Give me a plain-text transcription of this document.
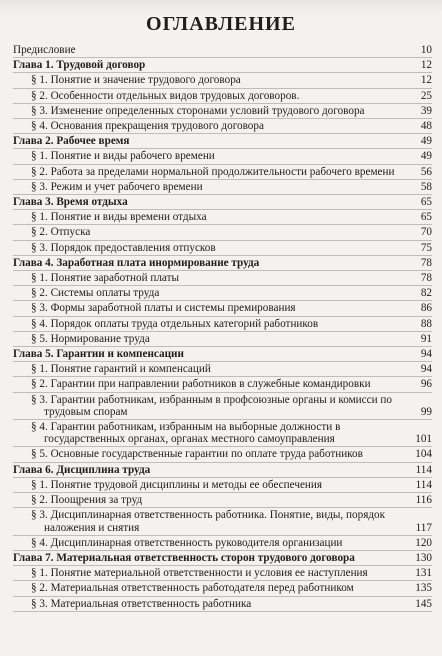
ОГЛАВЛЕНИЕ
Предисловие	10
Глава 1. Трудовой договор	12
§ 1. Понятие и значение трудового договора	12
§ 2. Особенности отдельных видов трудовых договоров.	25
§ 3. Изменение определенных сторонами условий трудового договора	39
§ 4. Основания прекращения трудового договора	48
Глава 2. Рабочее время	49
§ 1. Понятие и виды рабочего времени	49
§ 2. Работа за пределами нормальной продолжительности рабочего времени	56
§ 3. Режим и учет рабочего времени	58
Глава 3. Время отдыха	65
§ 1. Понятие и виды времени отдыха	65
§ 2. Отпуска	70
§ 3. Порядок предоставления отпусков	75
Глава 4. Заработная плата инормирование труда	78
§ 1. Понятие заработной платы	78
§ 2. Системы оплаты труда	82
§ 3. Формы заработной платы и системы премирования	86
§ 4. Порядок оплаты труда отдельных категорий работников	88
§ 5. Нормирование труда	91
Глава 5. Гарантии и компенсации	94
§ 1. Понятие гарантий и компенсаций	94
§ 2. Гарантии при направлении работников в служебные командировки	96
§ 3. Гарантии работникам, избранным в профсоюзные органы и комисси по трудовым спорам	99
§ 4. Гарантии работникам, избранным на выборные должности в государственных органах, органах местного самоуправления	101
§ 5. Основные государственные гарантии по оплате труда работников	104
Глава 6. Дисциплина труда	114
§ 1. Понятие трудовой дисциплины и методы ее обеспечения	114
§ 2. Поощрения за труд	116
§ 3. Дисциплинарная ответственность работника. Понятие, виды, порядок наложения и снятия	117
§ 4. Дисциплинарная ответственность руководителя организации	120
Глава 7. Материальная ответственность сторон трудового договора	130
§ 1. Понятие материальной ответственности и условия ее наступления	131
§ 2. Материальная ответственность работодателя перед работником	135
§ 3. Материальная ответственность работника	145
